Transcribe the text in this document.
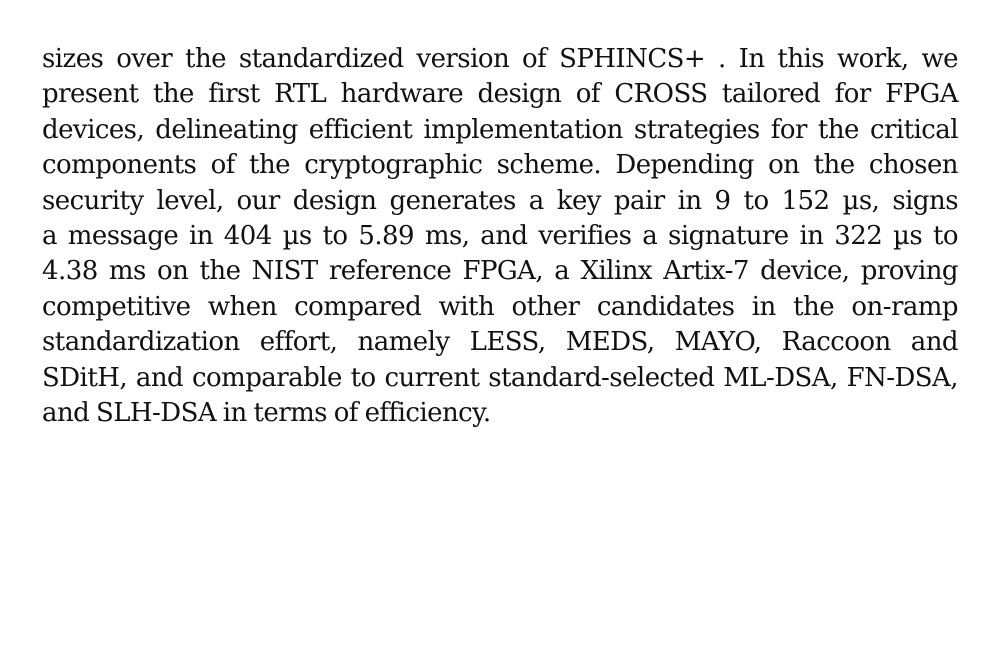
sizes over the standardized version of SPHINCS+ . In this work, we
present the first RTL hardware design of CROSS tailored for FPGA
devices, delineating efficient implementation strategies for the critical
components of the cryptographic scheme. Depending on the chosen
security level, our design generates a key pair in 9 to 152 µs, signs
a message in 404 µs to 5.89 ms, and verifies a signature in 322 µs to
4.38 ms on the NIST reference FPGA, a Xilinx Artix-7 device, proving
competitive when compared with other candidates in the on-ramp
standardization effort, namely LESS, MEDS, MAYO, Raccoon and
SDitH, and comparable to current standard-selected ML-DSA, FN-DSA,
and SLH-DSA in terms of efficiency.
